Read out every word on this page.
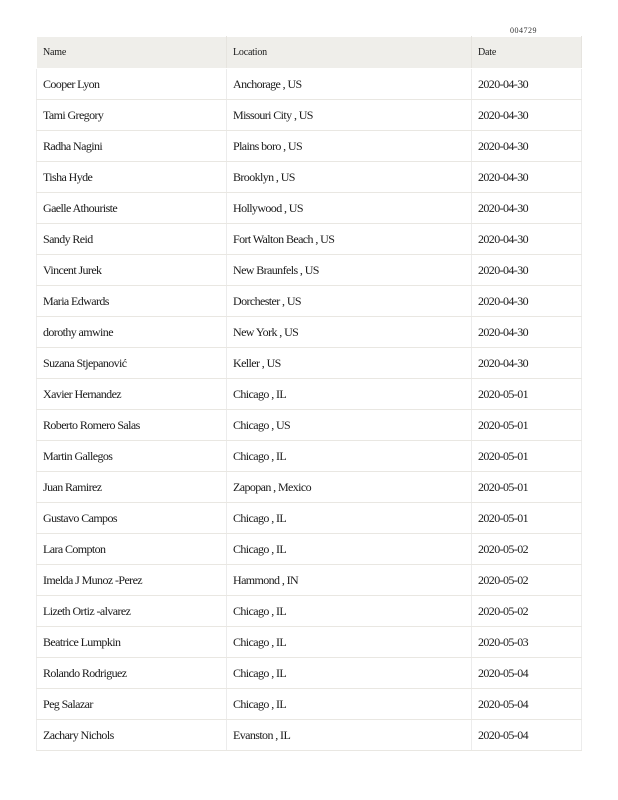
004729
Name	Location	Date
Cooper Lyon	Anchorage , US	2020-04-30
Tami Gregory	Missouri City , US	2020-04-30
Radha Nagini	Plains boro , US	2020-04-30
Tisha Hyde	Brooklyn , US	2020-04-30
Gaelle Athouriste	Hollywood , US	2020-04-30
Sandy Reid	Fort Walton Beach , US	2020-04-30
Vincent Jurek	New Braunfels , US	2020-04-30
Maria Edwards	Dorchester , US	2020-04-30
dorothy amwine	New York , US	2020-04-30
Suzana Stjepanović	Keller , US	2020-04-30
Xavier Hernandez	Chicago , IL	2020-05-01
Roberto Romero Salas	Chicago , US	2020-05-01
Martin Gallegos	Chicago , IL	2020-05-01
Juan Ramirez	Zapopan , Mexico	2020-05-01
Gustavo Campos	Chicago , IL	2020-05-01
Lara Compton	Chicago , IL	2020-05-02
Imelda J Munoz -Perez	Hammond , IN	2020-05-02
Lizeth Ortiz -alvarez	Chicago , IL	2020-05-02
Beatrice Lumpkin	Chicago , IL	2020-05-03
Rolando Rodriguez	Chicago , IL	2020-05-04
Peg Salazar	Chicago , IL	2020-05-04
Zachary Nichols	Evanston , IL	2020-05-04
